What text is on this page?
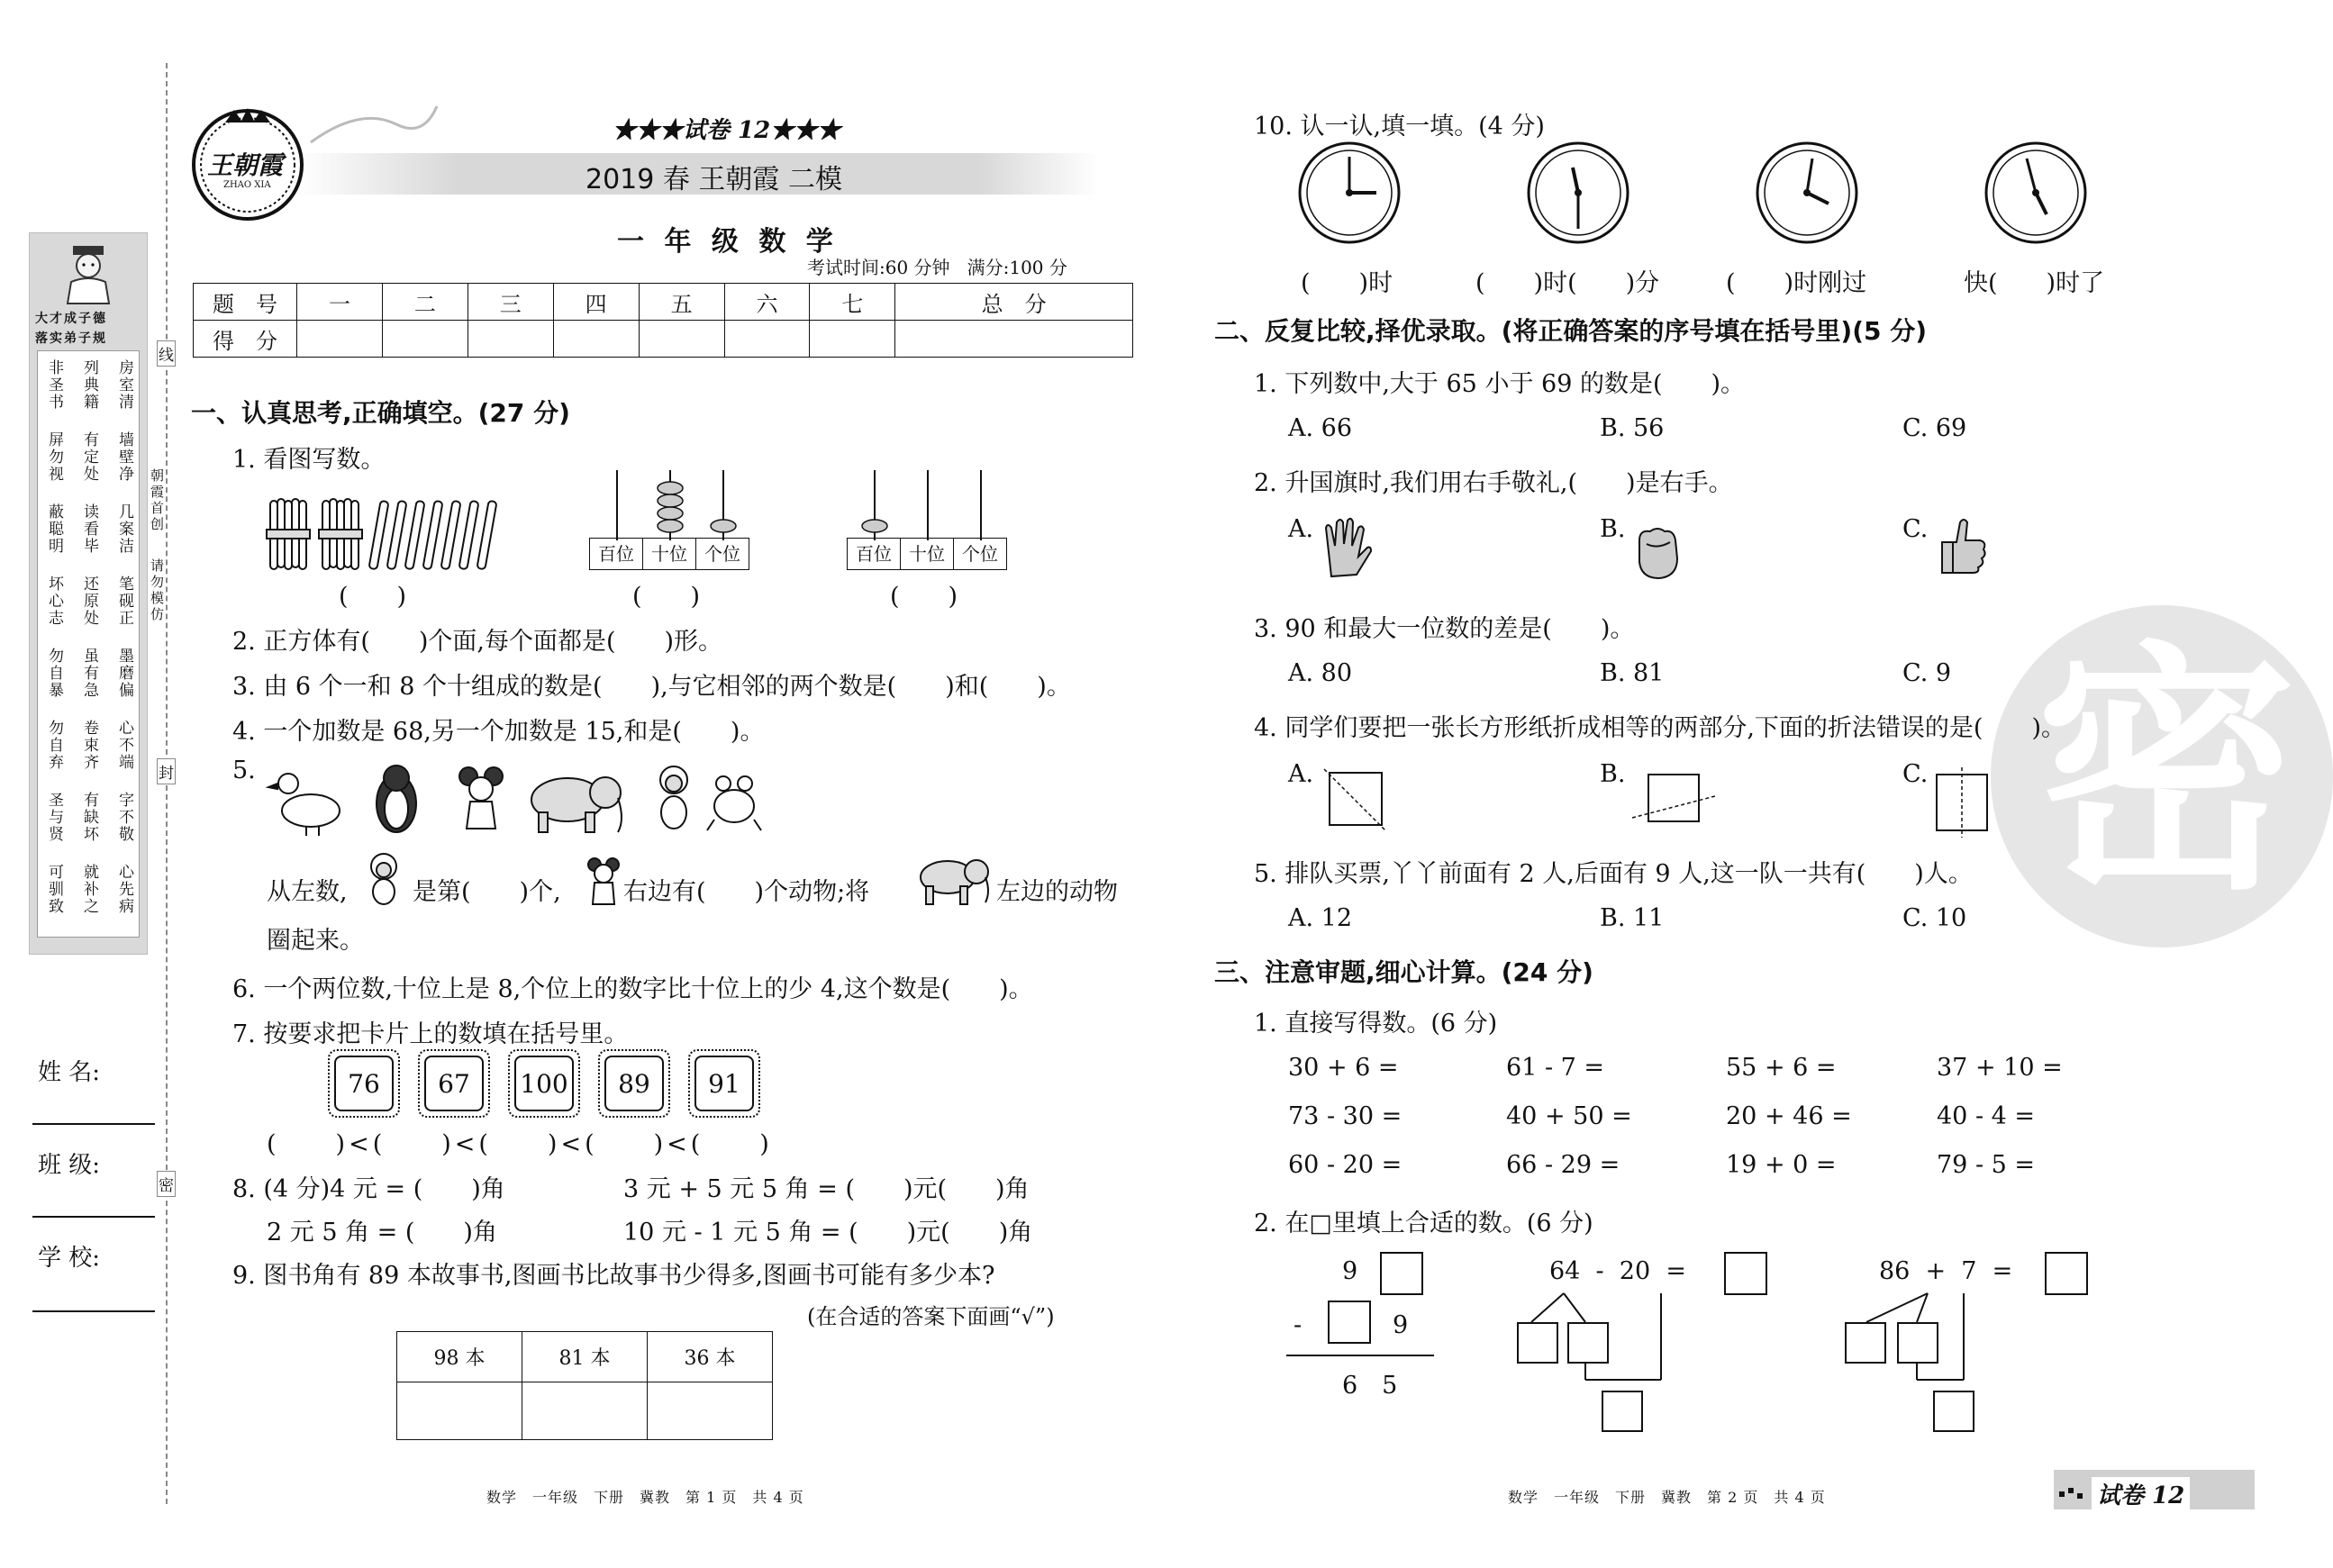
大才成子德
落实弟子规
非圣书 列典籍 房室清
屏勿视 有定处 墙壁净
蔽聪明 读看毕 几案洁
坏心志 还原处 笔砚正
勿自暴 虽有急 墨磨偏
勿自弃 卷束齐 心不端
圣与贤 有缺坏 字不敬
可驯致 就补之 心先病
朝霞首创
请勿模仿
线
封
密
姓 名:
班 级:
学 校:
王朝霞
ZHAO XIA
★★★试卷 12★★★
2019 春 王朝霞 二模
一 年 级 数 学
考试时间:60 分钟   满分:100 分
题　号	一	二	三	四	五	六	七	总　分
得　分								
一、认真思考,正确填空。(27 分)
1. 看图写数。
(　　)
百位 十位 个位
(　　)
百位 十位 个位
(　　)
2. 正方体有(　　)个面,每个面都是(　　)形。
3. 由 6 个一和 8 个十组成的数是(　　),与它相邻的两个数是(　　)和(　　)。
4. 一个加数是 68,另一个加数是 15,和是(　　)。
5.
从左数,	是第(　　)个,	右边有(　　)个动物;将	左边的动物
圈起来。
6. 一个两位数,十位上是 8,个位上的数字比十位上的少 4,这个数是(　　)。
7. 按要求把卡片上的数填在括号里。
76	67	100	89	91
(　　)<(　　)<(　　)<(　　)<(　　)
8. (4 分)4 元 = (　　)角	3 元 + 5 元 5 角 = (　　)元(　　)角
2 元 5 角 = (　　)角	10 元 - 1 元 5 角 = (　　)元(　　)角
9. 图书角有 89 本故事书,图画书比故事书少得多,图画书可能有多少本?
(在合适的答案下面画“√”)
98 本	81 本	36 本

数学　一年级　下册　冀教　第 1 页　共 4 页
密
10. 认一认,填一填。(4 分)
(　　)时	(　　)时(　　)分	(　　)时刚过	快(　　)时了
二、反复比较,择优录取。(将正确答案的序号填在括号里)(5 分)
1. 下列数中,大于 65 小于 69 的数是(　　)。
A. 66	B. 56	C. 69
2. 升国旗时,我们用右手敬礼,(　　)是右手。
A.	B.	C.
3. 90 和最大一位数的差是(　　)。
A. 80	B. 81	C. 9
4. 同学们要把一张长方形纸折成相等的两部分,下面的折法错误的是(　　)。
A.	B.	C.
5. 排队买票,丫丫前面有 2 人,后面有 9 人,这一队一共有(　　)人。
A. 12	B. 11	C. 10
三、注意审题,细心计算。(24 分)
1. 直接写得数。(6 分)
30 + 6 =	61 - 7 =	55 + 6 =	37 + 10 =
73 - 30 =	40 + 50 =	20 + 46 =	40 - 4 =
60 - 20 =	66 - 29 =	19 + 0 =	79 - 5 =
2. 在□里填上合适的数。(6 分)
9
-	9
6　5
64  -  20  =	86  +  7  =
数学　一年级　下册　冀教　第 2 页　共 4 页	试卷 12
